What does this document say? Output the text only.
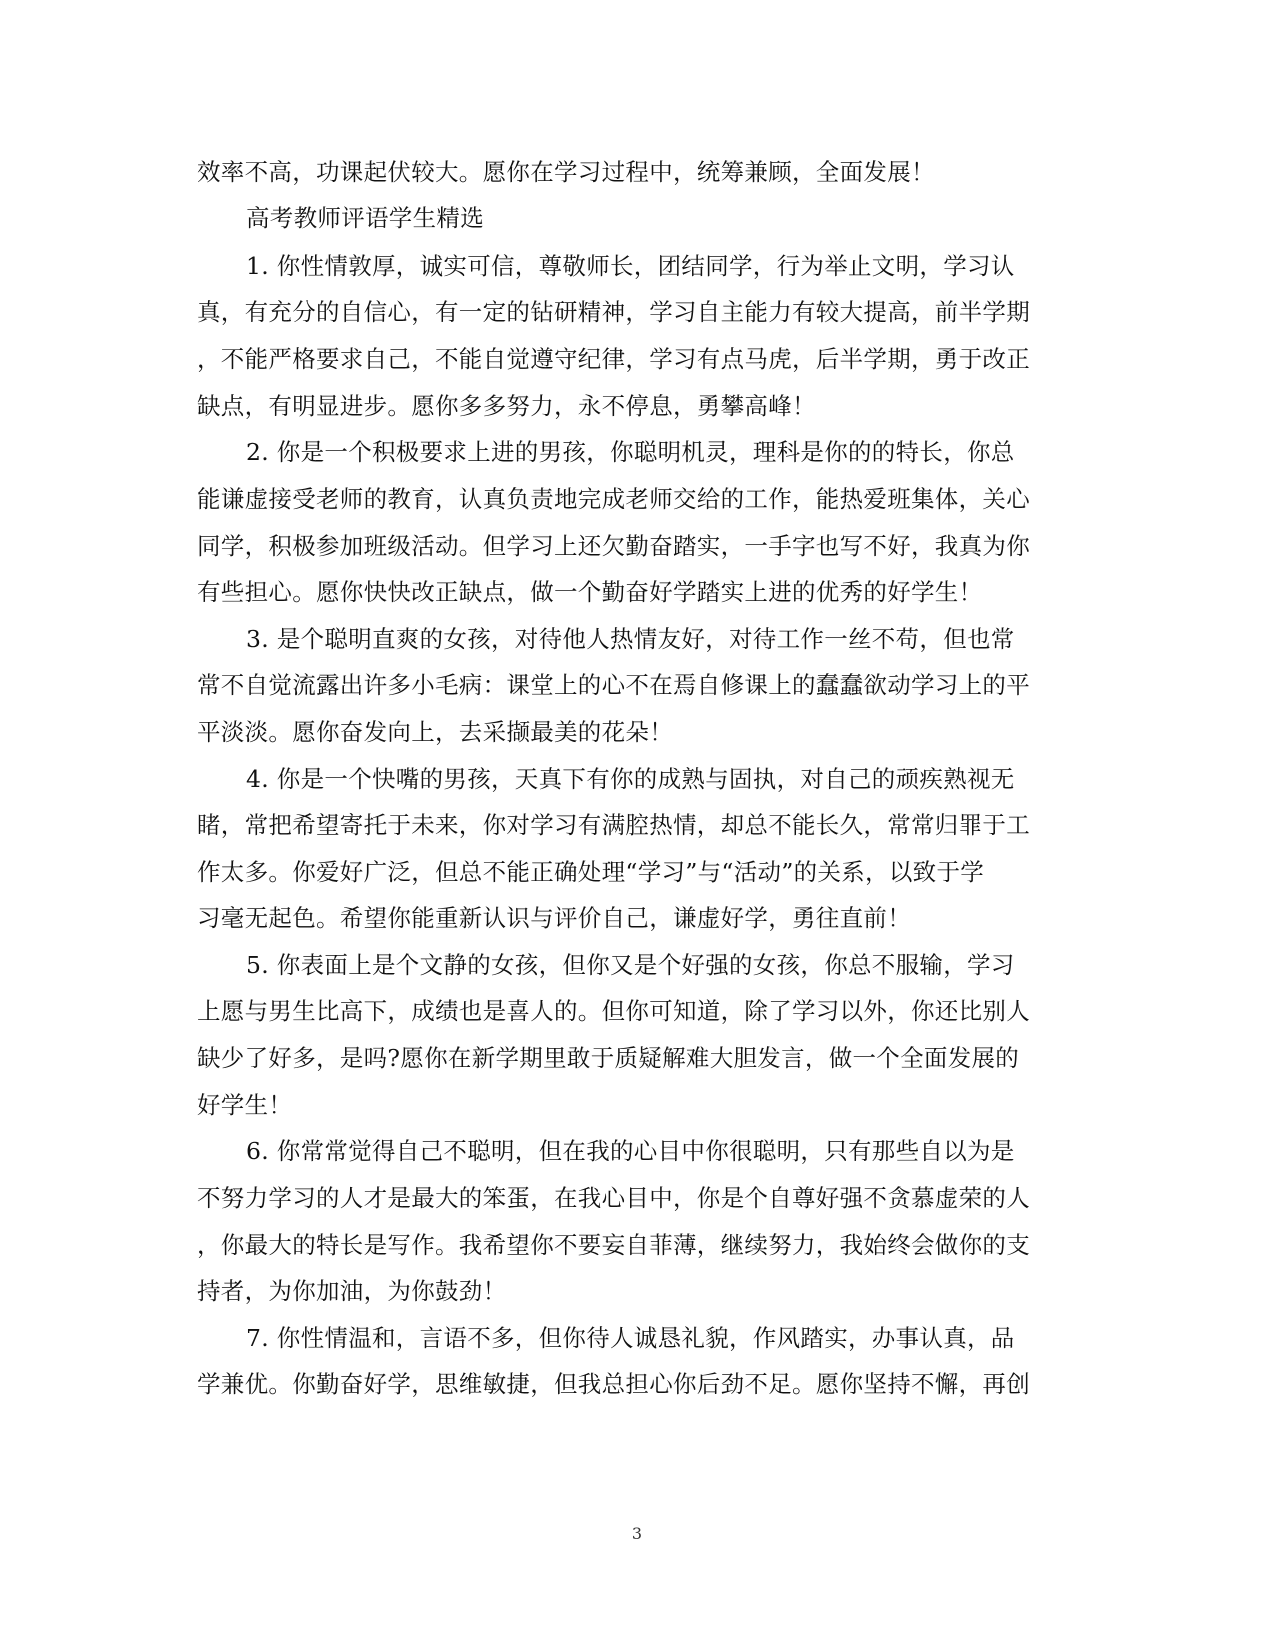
效率不高，功课起伏较大。愿你在学习过程中，统筹兼顾，全面发展！
高考教师评语学生精选
1. 你性情敦厚，诚实可信，尊敬师长，团结同学，行为举止文明，学习认
真，有充分的自信心，有一定的钻研精神，学习自主能力有较大提高，前半学期
，不能严格要求自己，不能自觉遵守纪律，学习有点马虎，后半学期，勇于改正
缺点，有明显进步。愿你多多努力，永不停息，勇攀高峰！
2. 你是一个积极要求上进的男孩，你聪明机灵，理科是你的的特长，你总
能谦虚接受老师的教育，认真负责地完成老师交给的工作，能热爱班集体，关心
同学，积极参加班级活动。但学习上还欠勤奋踏实，一手字也写不好，我真为你
有些担心。愿你快快改正缺点，做一个勤奋好学踏实上进的优秀的好学生！
3. 是个聪明直爽的女孩，对待他人热情友好，对待工作一丝不苟，但也常
常不自觉流露出许多小毛病：课堂上的心不在焉自修课上的蠢蠢欲动学习上的平
平淡淡。愿你奋发向上，去采撷最美的花朵！
4. 你是一个快嘴的男孩，天真下有你的成熟与固执，对自己的顽疾熟视无
睹，常把希望寄托于未来，你对学习有满腔热情，却总不能长久，常常归罪于工
作太多。你爱好广泛，但总不能正确处理“学习”与“活动”的关系，以致于学
习毫无起色。希望你能重新认识与评价自己，谦虚好学，勇往直前！
5. 你表面上是个文静的女孩，但你又是个好强的女孩，你总不服输，学习
上愿与男生比高下，成绩也是喜人的。但你可知道，除了学习以外，你还比别人
缺少了好多，是吗?愿你在新学期里敢于质疑解难大胆发言，做一个全面发展的
好学生！
6. 你常常觉得自己不聪明，但在我的心目中你很聪明，只有那些自以为是
不努力学习的人才是最大的笨蛋，在我心目中，你是个自尊好强不贪慕虚荣的人
，你最大的特长是写作。我希望你不要妄自菲薄，继续努力，我始终会做你的支
持者，为你加油，为你鼓劲！
7. 你性情温和，言语不多，但你待人诚恳礼貌，作风踏实，办事认真，品
学兼优。你勤奋好学，思维敏捷，但我总担心你后劲不足。愿你坚持不懈，再创
3
